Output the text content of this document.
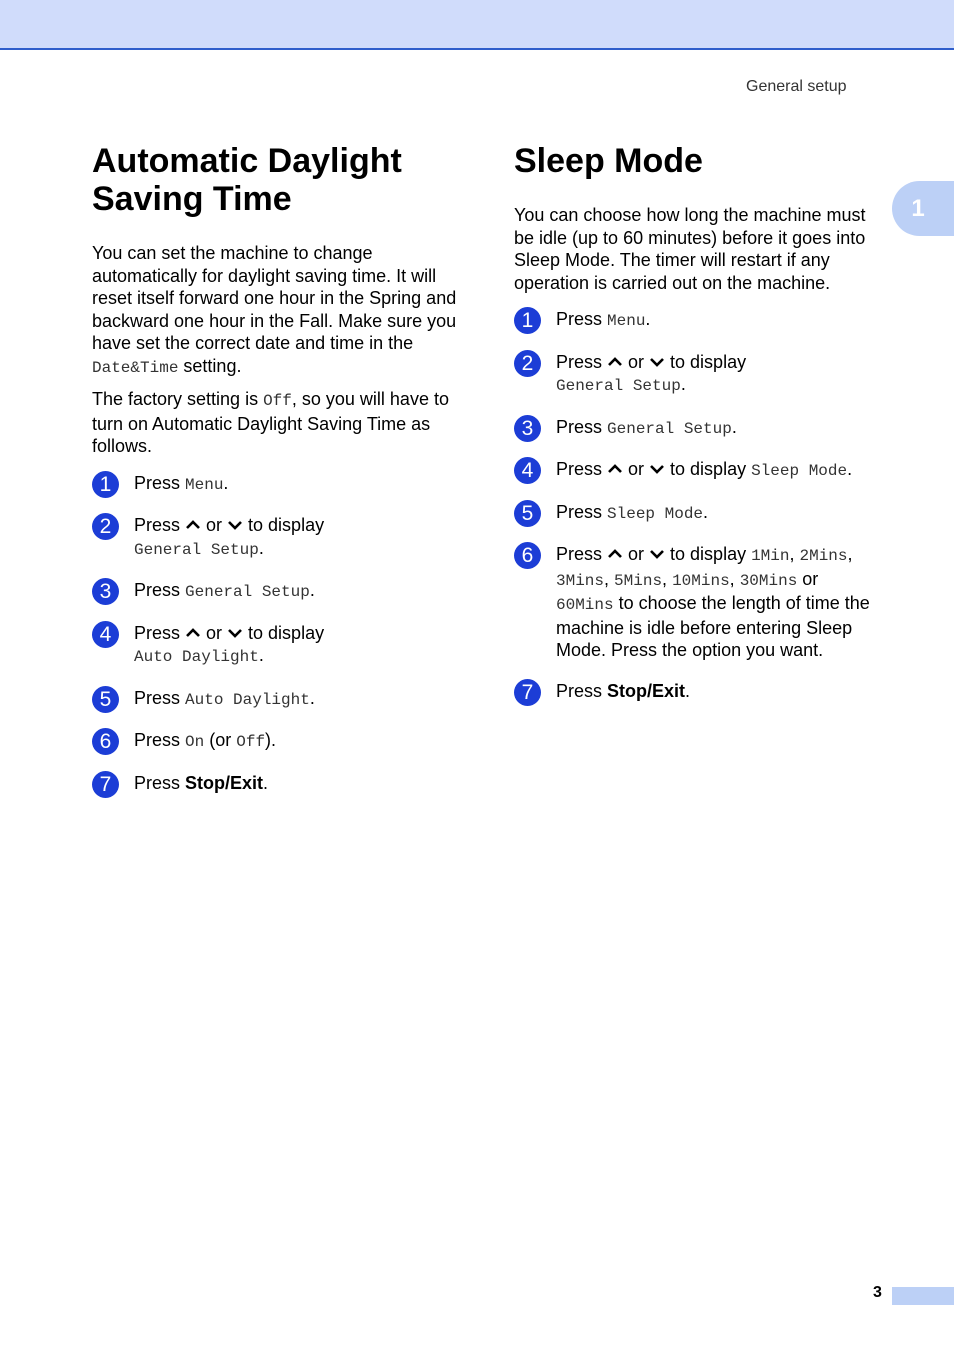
General setup
1
Automatic Daylight
Saving Time

You can set the machine to change automatically for daylight saving time. It will reset itself forward one hour in the Spring and backward one hour in the Fall. Make sure you have set the correct date and time in the
Date&Time setting.

The factory setting is Off, so you will have to turn on Automatic Daylight Saving Time as follows.

1	Press Menu.
2	Press
or
to display
General Setup.
3	Press General Setup.
4	Press
or
to display
Auto Daylight.
5	Press Auto Daylight.
6	Press On (or Off).
7	Press Stop/Exit.
Sleep Mode

You can choose how long the machine must be idle (up to 60 minutes) before it goes into Sleep Mode. The timer will restart if any operation is carried out on the machine.

1	Press Menu.
2	Press
or
to display
General Setup.
3	Press General Setup.
4	Press
or
to display Sleep Mode.
5	Press Sleep Mode.
6	Press
or
to display 1Min, 2Mins,
3Mins, 5Mins, 10Mins, 30Mins or
60Mins to choose the length of time the machine is idle before entering Sleep Mode. Press the option you want.
7	Press Stop/Exit.
3
